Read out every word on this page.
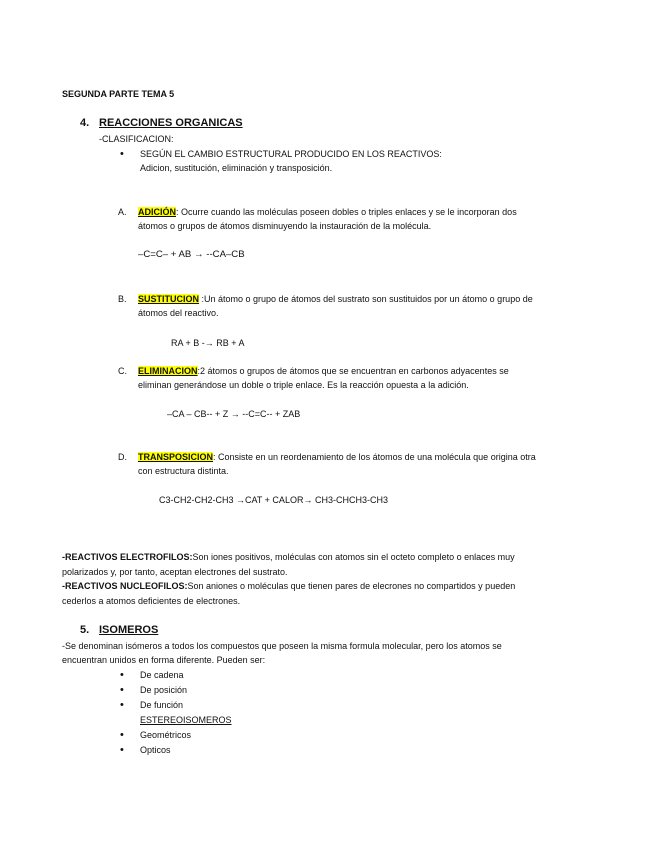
SEGUNDA PARTE TEMA 5
4. REACCIONES ORGANICAS
-CLASIFICACION:
• SEGÚN EL CAMBIO ESTRUCTURAL PRODUCIDO EN LOS REACTIVOS:
Adicion, sustitución, eliminación y transposición.
A. ADICIÓN: Ocurre cuando las moléculas poseen dobles o triples enlaces y se le incorporan dos
átomos o grupos de átomos disminuyendo la instauración de la molécula.
–C=C– + AB → --CA–CB
B. SUSTITUCION :Un átomo o grupo de átomos del sustrato son sustituidos por un átomo o grupo de
átomos del reactivo.
RA + B -→ RB + A
C. ELIMINACION:2 átomos o grupos de átomos que se encuentran en carbonos adyacentes se
eliminan generándose un doble o triple enlace. Es la reacción opuesta a la adición.
–CA – CB-- + Z → --C=C-- + ZAB
D. TRANSPOSICION: Consiste en un reordenamiento de los átomos de una molécula que origina otra
con estructura distinta.
C3-CH2-CH2-CH3 →CAT + CALOR→ CH3-CHCH3-CH3
-REACTIVOS ELECTROFILOS:Son iones positivos, moléculas con atomos sin el octeto completo o enlaces muy
polarizados y, por tanto, aceptan electrones del sustrato.
-REACTIVOS NUCLEOFILOS:Son aniones o moléculas que tienen pares de elecrones no compartidos y pueden
cederlos a atomos deficientes de electrones.
5. ISOMEROS
-Se denominan isómeros a todos los compuestos que poseen la misma formula molecular, pero los atomos se
encuentran unidos en forma diferente. Pueden ser:
• De cadena
• De posición
• De función
ESTEREOISOMEROS
• Geométricos
• Opticos
